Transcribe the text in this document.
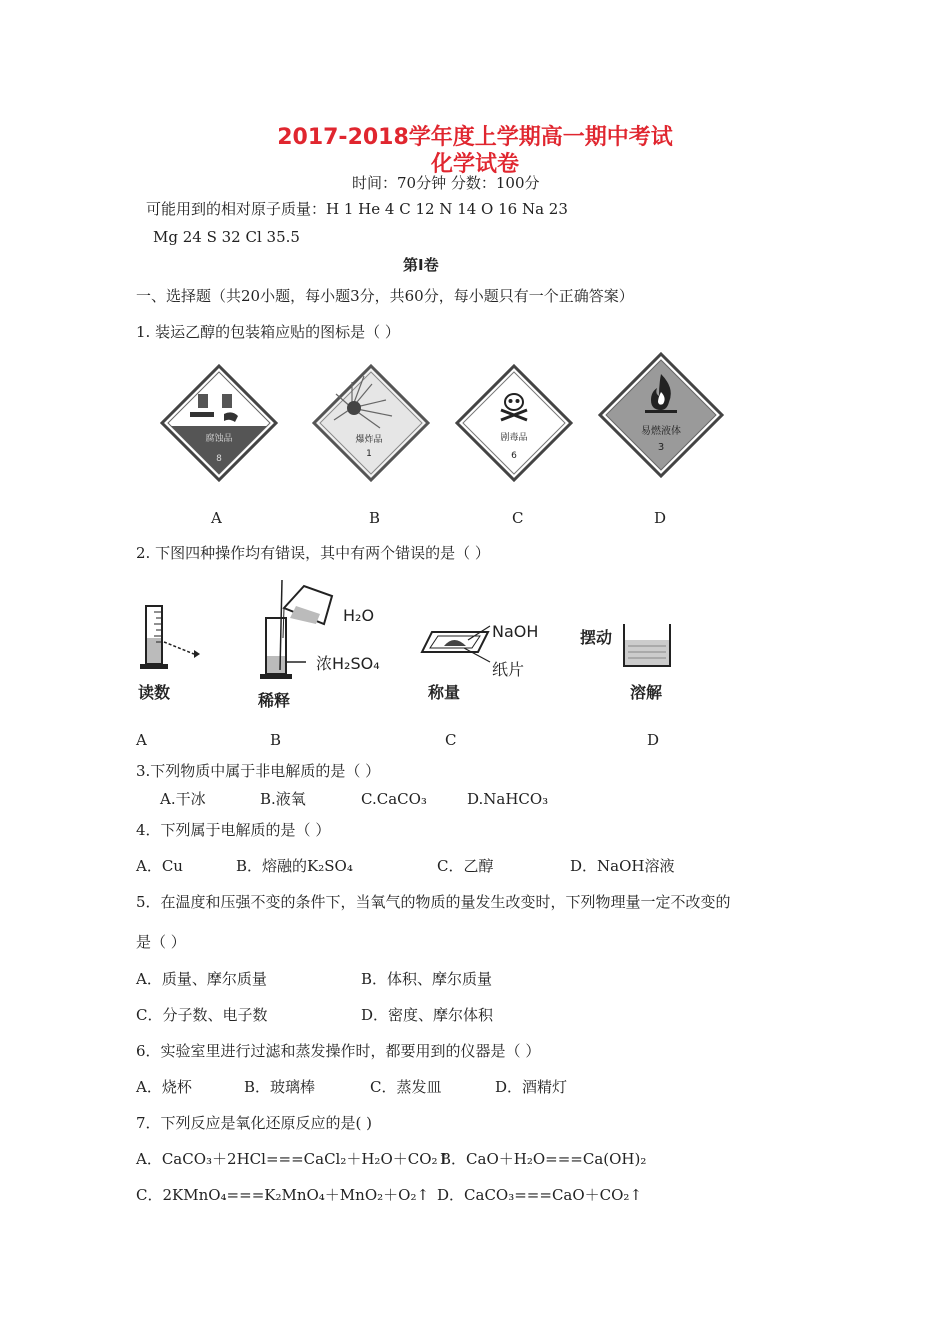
2017-2018学年度上学期高一期中考试
化学试卷
时间：70分钟 分数：100分
可能用到的相对原子质量：H 1 He 4 C 12 N 14 O 16 Na 23
Mg 24 S 32 Cl 35.5
第Ⅰ卷
一、选择题（共20小题，每小题3分，共60分，每小题只有一个正确答案）
1. 装运乙醇的包装箱应贴的图标是（ ）
腐蚀品
8
爆炸品
1
剧毒品
6
易燃液体
3
A	B	C	D
2. 下图四种操作均有错误，其中有两个错误的是（ ）
读数
H₂O
浓H₂SO₄
稀释
NaOH
纸片
称量
摆动
溶解
A	B	C	D
3.下列物质中属于非电解质的是（ ）
A.干冰	B.液氧	C.CaCO₃	D.NaHCO₃
4．下列属于电解质的是（ ）
A．Cu	B．熔融的K₂SO₄	C．乙醇	D．NaOH溶液
5．在温度和压强不变的条件下，当氧气的物质的量发生改变时，下列物理量一定不改变的
是（ ）
A．质量、摩尔质量	B．体积、摩尔质量
C．分子数、电子数	D．密度、摩尔体积
6．实验室里进行过滤和蒸发操作时，都要用到的仪器是（ ）
A．烧杯	B．玻璃棒	C．蒸发皿	D．酒精灯
7．下列反应是氧化还原反应的是( )
A．CaCO₃＋2HCl===CaCl₂＋H₂O＋CO₂↑
B．CaO＋H₂O===Ca(OH)₂
C．2KMnO₄===K₂MnO₄＋MnO₂＋O₂↑ D．CaCO₃===CaO＋CO₂↑
